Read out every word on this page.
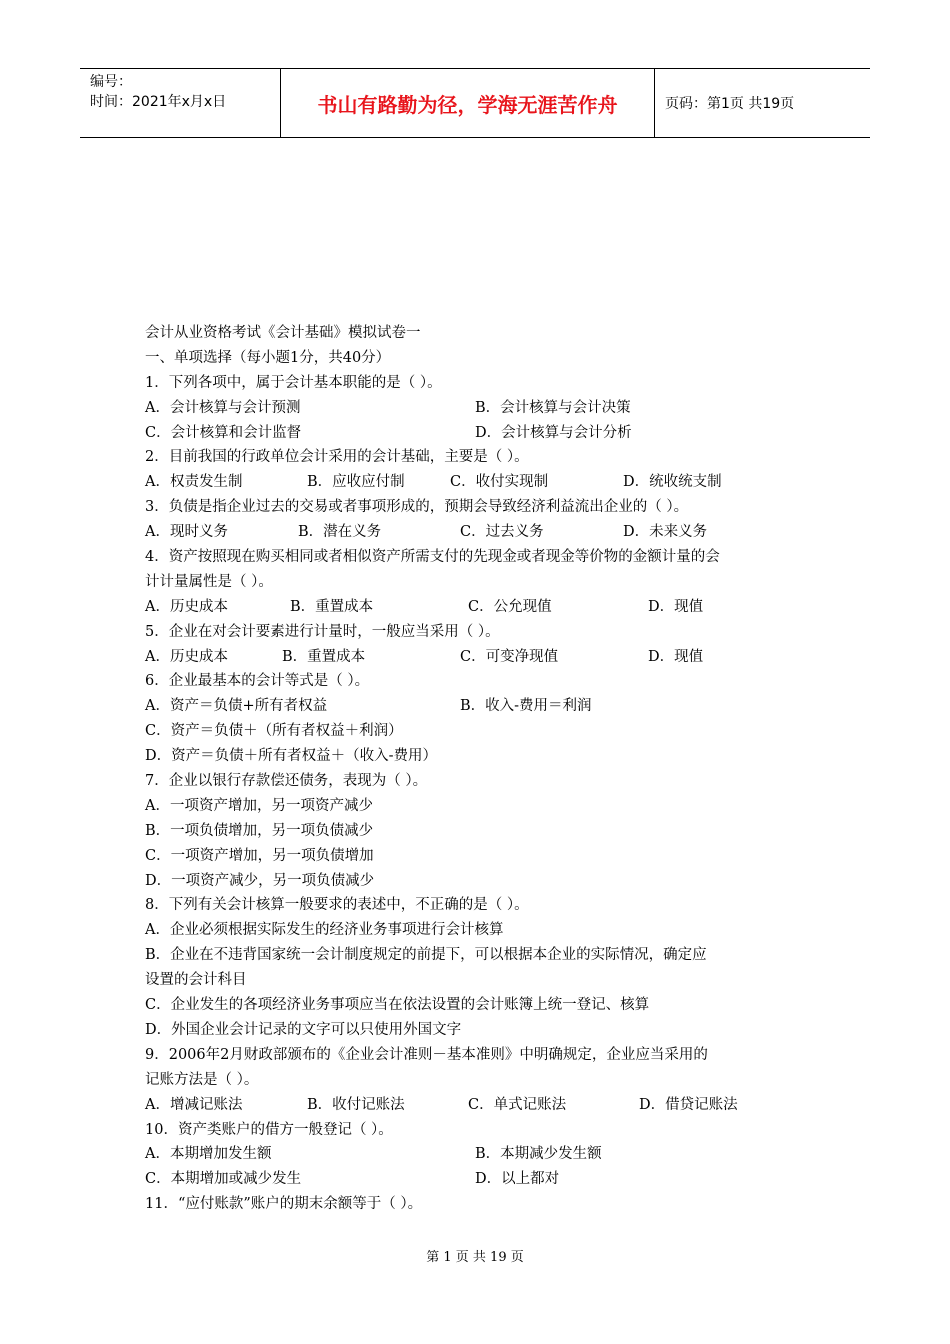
编号：
时间：2021年x月x日	书山有路勤为径，学海无涯苦作舟	页码：第1页 共19页
会计从业资格考试《会计基础》模拟试卷一
一、单项选择（每小题1分，共40分）
1．下列各项中，属于会计基本职能的是（ ）。
A．会计核算与会计预测	B．会计核算与会计决策
C．会计核算和会计监督	D．会计核算与会计分析
2．目前我国的行政单位会计采用的会计基础，主要是（ ）。
A．权责发生制	B．应收应付制	C．收付实现制	D．统收统支制
3．负债是指企业过去的交易或者事项形成的，预期会导致经济利益流出企业的（ ）。
A．现时义务	B．潜在义务	C．过去义务	D．未来义务
4．资产按照现在购买相同或者相似资产所需支付的先现金或者现金等价物的金额计量的会
计计量属性是（ ）。
A．历史成本	B．重置成本	C．公允现值	D．现值
5．企业在对会计要素进行计量时，一般应当采用（ ）。
A．历史成本	B．重置成本	C．可变净现值	D．现值
6．企业最基本的会计等式是（ ）。
A．资产＝负债+所有者权益	B．收入-费用＝利润
C．资产＝负债＋（所有者权益＋利润）
D．资产＝负债＋所有者权益＋（收入-费用）
7．企业以银行存款偿还债务，表现为（ ）。
A．一项资产增加，另一项资产减少
B．一项负债增加，另一项负债减少
C．一项资产增加，另一项负债增加
D．一项资产减少，另一项负债减少
8．下列有关会计核算一般要求的表述中，不正确的是（ ）。
A．企业必须根据实际发生的经济业务事项进行会计核算
B．企业在不违背国家统一会计制度规定的前提下，可以根据本企业的实际情况，确定应
设置的会计科目
C．企业发生的各项经济业务事项应当在依法设置的会计账簿上统一登记、核算
D．外国企业会计记录的文字可以只使用外国文字
9．2006年2月财政部颁布的《企业会计准则－基本准则》中明确规定，企业应当采用的
记账方法是（ ）。
A．增减记账法	B．收付记账法	C．单式记账法	D．借贷记账法
10．资产类账户的借方一般登记（ ）。
A．本期增加发生额	B．本期减少发生额
C．本期增加或减少发生	D．以上都对
11．“应付账款”账户的期末余额等于（ ）。
第 1 页 共 19 页
